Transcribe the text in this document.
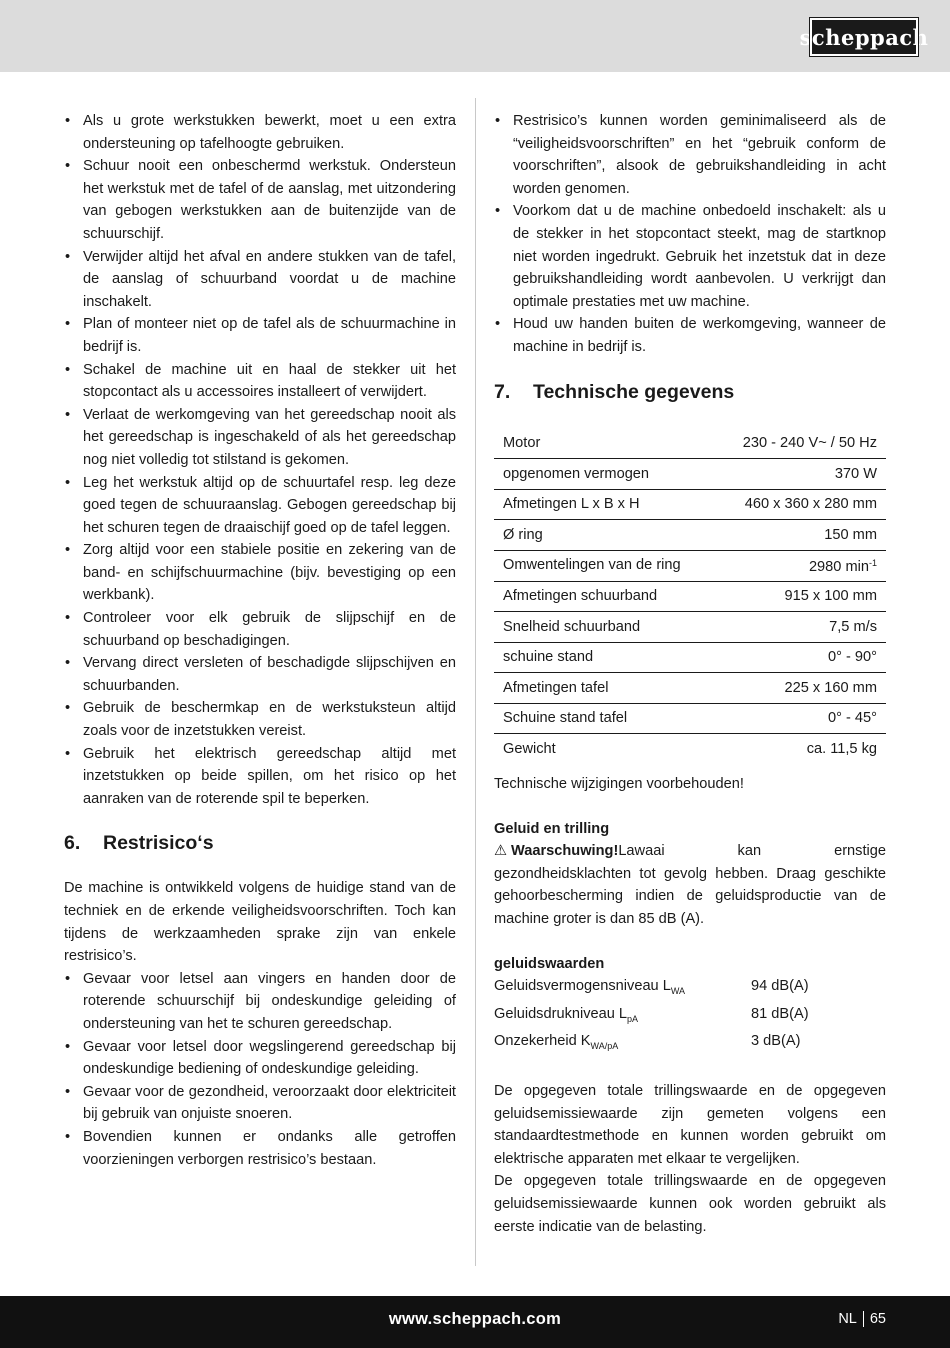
scheppach
• Als u grote werkstukken bewerkt, moet u een extra ondersteuning op tafelhoogte gebruiken.
• Schuur nooit een onbeschermd werkstuk. Ondersteun het werkstuk met de tafel of de aanslag, met uitzondering van gebogen werkstukken aan de buitenzijde van de schuurschijf.
• Verwijder altijd het afval en andere stukken van de tafel, de aanslag of schuurband voordat u de machine inschakelt.
• Plan of monteer niet op de tafel als de schuurmachine in bedrijf is.
• Schakel de machine uit en haal de stekker uit het stopcontact als u accessoires installeert of verwijdert.
• Verlaat de werkomgeving van het gereedschap nooit als het gereedschap is ingeschakeld of als het gereedschap nog niet volledig tot stilstand is gekomen.
• Leg het werkstuk altijd op de schuurtafel resp. leg deze goed tegen de schuuraanslag. Gebogen gereedschap bij het schuren tegen de draaischijf goed op de tafel leggen.
• Zorg altijd voor een stabiele positie en zekering van de band- en schijfschuurmachine (bijv. bevestiging op een werkbank).
• Controleer voor elk gebruik de slijpschijf en de schuurband op beschadigingen.
• Vervang direct versleten of beschadigde slijpschijven en schuurbanden.
• Gebruik de beschermkap en de werkstuksteun altijd zoals voor de inzetstukken vereist.
• Gebruik het elektrisch gereedschap altijd met inzetstukken op beide spillen, om het risico op het aanraken van de roterende spil te beperken.
6.	Restrisico‘s

De machine is ontwikkeld volgens de huidige stand van de techniek en de erkende veiligheidsvoorschriften. Toch kan tijdens de werkzaamheden sprake zijn van enkele restrisico’s.

• Gevaar voor letsel aan vingers en handen door de roterende schuurschijf bij ondeskundige geleiding of ondersteuning van het te schuren gereedschap.
• Gevaar voor letsel door wegslingerend gereedschap bij ondeskundige bediening of ondeskundige geleiding.
• Gevaar voor de gezondheid, veroorzaakt door elektriciteit bij gebruik van onjuiste snoeren.
• Bovendien kunnen er ondanks alle getroffen voorzieningen verborgen restrisico’s bestaan.
• Restrisico’s kunnen worden geminimaliseerd als de “veiligheidsvoorschriften” en het “gebruik conform de voorschriften”, alsook de gebruikshandleiding in acht worden genomen.
• Voorkom dat u de machine onbedoeld inschakelt: als u de stekker in het stopcontact steekt, mag de startknop niet worden ingedrukt. Gebruik het inzetstuk dat in deze gebruikshandleiding wordt aanbevolen. U verkrijgt dan optimale prestaties met uw machine.
• Houd uw handen buiten de werkomgeving, wanneer de machine in bedrijf is.
7.	Technische gegevens
Motor	230 - 240 V~ / 50 Hz
opgenomen vermogen	370 W
Afmetingen L x B x H	460 x 360 x 280 mm
Ø ring	150 mm
Omwentelingen van de ring	2980 $\min^{-1}$
Afmetingen schuurband	915 x 100 mm
Snelheid schuurband	7,5 m/s
schuine stand	0° - 90°
Afmetingen tafel	225 x 160 mm
Schuine stand tafel	0° - 45°
Gewicht	ca. 11,5 kg

Technische wijzigingen voorbehouden!

Geluid en trilling

⚠ Waarschuwing!Lawaai kan ernstige gezondheidsklachten tot gevolg hebben. Draag geschikte gehoorbescherming indien de geluidsproductie van de machine groter is dan 85 dB (A).

geluidswaarden
Geluidsvermogensniveau $L_{WA}$	94 dB(A)
Geluidsdrukniveau $L_{pA}$	81 dB(A)
Onzekerheid $K_{WA/pA}$	3 dB(A)

De opgegeven totale trillingswaarde en de opgegeven geluidsemissiewaarde zijn gemeten volgens een standaardtestmethode en kunnen worden gebruikt om elektrische apparaten met elkaar te vergelijken.

De opgegeven totale trillingswaarde en de opgegeven geluidsemissiewaarde kunnen ook worden gebruikt als eerste indicatie van de belasting.

www.scheppach.com	NL 65
